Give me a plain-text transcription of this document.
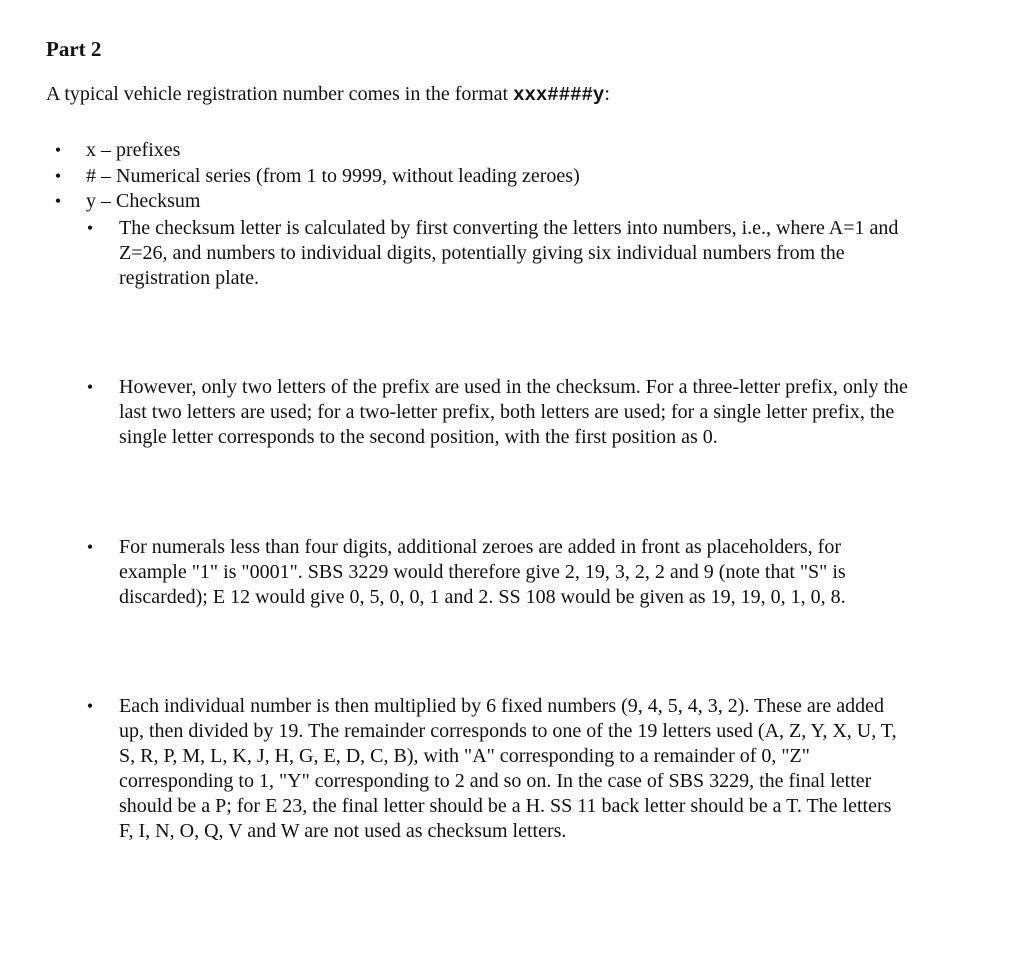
Part 2

A typical vehicle registration number comes in the format xxx####y:

•	x – prefixes
•	# – Numerical series (from 1 to 9999, without leading zeroes)
•	y – Checksum
• The checksum letter is calculated by first converting the letters into numbers, i.e., where A=1 and
Z=26, and numbers to individual digits, potentially giving six individual numbers from the
registration plate.
• However, only two letters of the prefix are used in the checksum. For a three-letter prefix, only the
last two letters are used; for a two-letter prefix, both letters are used; for a single letter prefix, the
single letter corresponds to the second position, with the first position as 0.
• For numerals less than four digits, additional zeroes are added in front as placeholders, for
example "1" is "0001". SBS 3229 would therefore give 2, 19, 3, 2, 2 and 9 (note that "S" is
discarded); E 12 would give 0, 5, 0, 0, 1 and 2. SS 108 would be given as 19, 19, 0, 1, 0, 8.
• Each individual number is then multiplied by 6 fixed numbers (9, 4, 5, 4, 3, 2). These are added
up, then divided by 19. The remainder corresponds to one of the 19 letters used (A, Z, Y, X, U, T,
S, R, P, M, L, K, J, H, G, E, D, C, B), with "A" corresponding to a remainder of 0, "Z"
corresponding to 1, "Y" corresponding to 2 and so on. In the case of SBS 3229, the final letter
should be a P; for E 23, the final letter should be a H. SS 11 back letter should be a T. The letters
F, I, N, O, Q, V and W are not used as checksum letters.
